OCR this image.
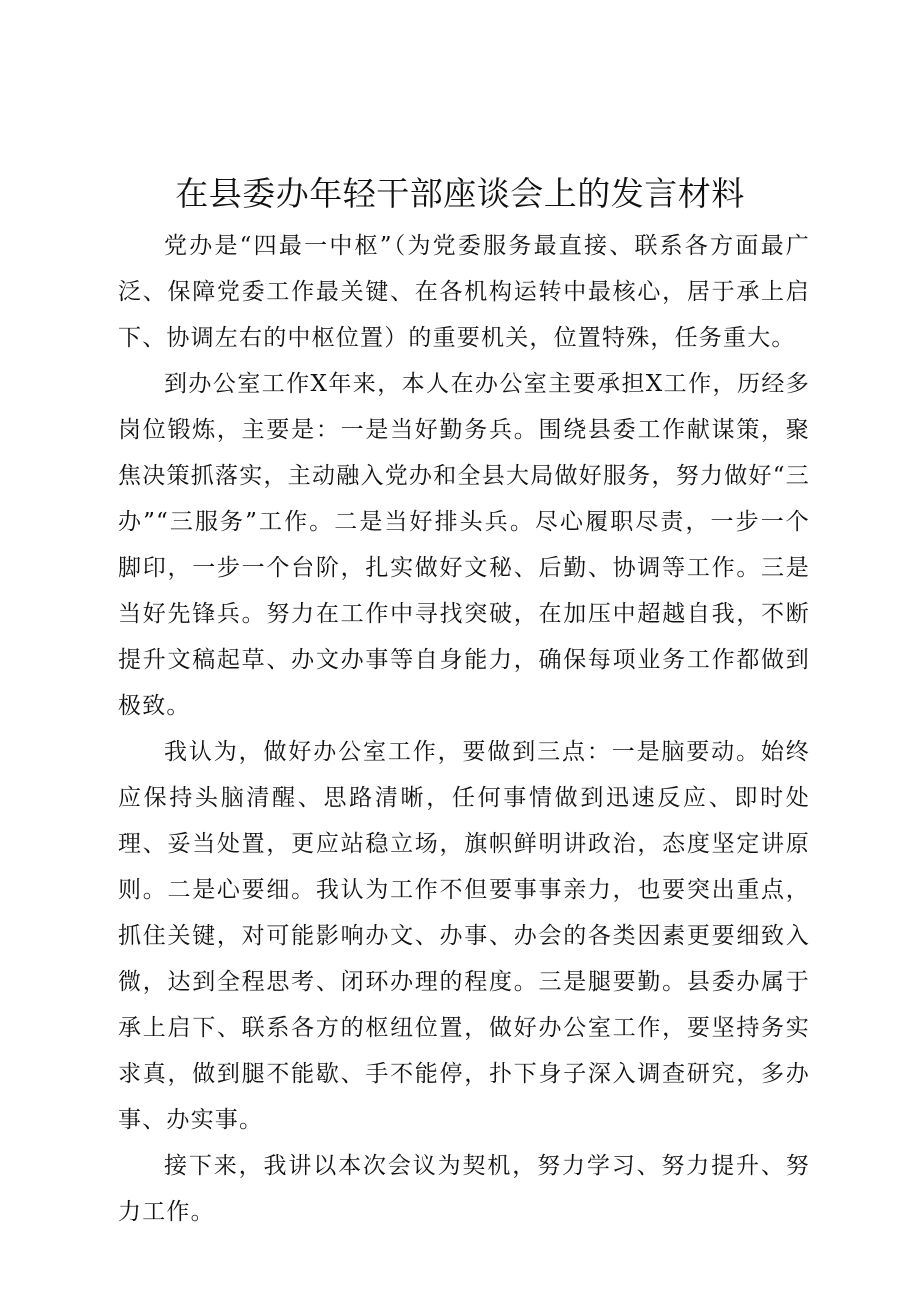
在县委办年轻干部座谈会上的发言材料

党办是“四最一中枢”（为党委服务最直接、联系各方面最广泛、保障党委工作最关键、在各机构运转中最核心，居于承上启下、协调左右的中枢位置）的重要机关，位置特殊，任务重大。

到办公室工作X年来，本人在办公室主要承担X工作，历经多岗位锻炼，主要是：一是当好勤务兵。围绕县委工作献谋策，聚焦决策抓落实，主动融入党办和全县大局做好服务，努力做好“三办”“三服务”工作。二是当好排头兵。尽心履职尽责，一步一个脚印，一步一个台阶，扎实做好文秘、后勤、协调等工作。三是当好先锋兵。努力在工作中寻找突破，在加压中超越自我，不断提升文稿起草、办文办事等自身能力，确保每项业务工作都做到极致。

我认为，做好办公室工作，要做到三点：一是脑要动。始终应保持头脑清醒、思路清晰，任何事情做到迅速反应、即时处理、妥当处置，更应站稳立场，旗帜鲜明讲政治，态度坚定讲原则。二是心要细。我认为工作不但要事事亲力，也要突出重点，抓住关键，对可能影响办文、办事、办会的各类因素更要细致入微，达到全程思考、闭环办理的程度。三是腿要勤。县委办属于承上启下、联系各方的枢纽位置，做好办公室工作，要坚持务实求真，做到腿不能歇、手不能停，扑下身子深入调查研究，多办事、办实事。

接下来，我讲以本次会议为契机，努力学习、努力提升、努力工作。
